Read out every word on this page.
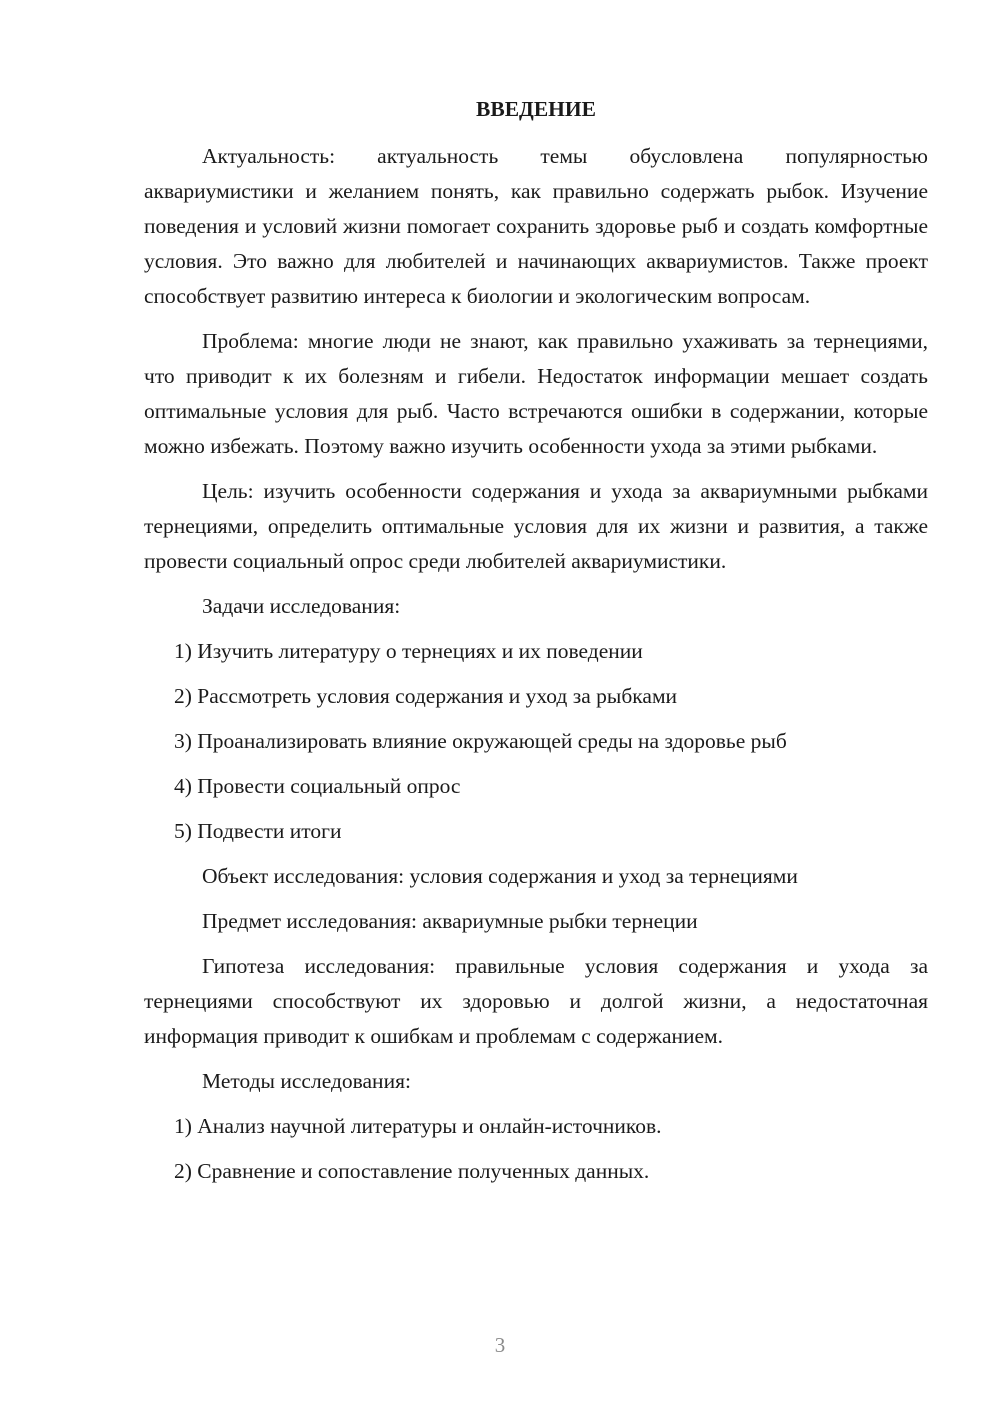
ВВЕДЕНИЕ

Актуальность: актуальность темы обусловлена популярностью аквариумистики и желанием понять, как правильно содержать рыбок. Изучение поведения и условий жизни помогает сохранить здоровье рыб и создать комфортные условия. Это важно для любителей и начинающих аквариумистов. Также проект способствует развитию интереса к биологии и экологическим вопросам.

Проблема: многие люди не знают, как правильно ухаживать за тернециями, что приводит к их болезням и гибели. Недостаток информации мешает создать оптимальные условия для рыб. Часто встречаются ошибки в содержании, которые можно избежать. Поэтому важно изучить особенности ухода за этими рыбками.

Цель: изучить особенности содержания и ухода за аквариумными рыбками тернециями, определить оптимальные условия для их жизни и развития, а также провести социальный опрос среди любителей аквариумистики.

Задачи исследования:

1) Изучить литературу о тернециях и их поведении

2) Рассмотреть условия содержания и уход за рыбками

3) Проанализировать влияние окружающей среды на здоровье рыб

4) Провести социальный опрос

5) Подвести итоги

Объект исследования: условия содержания и уход за тернециями

Предмет исследования: аквариумные рыбки тернеции

Гипотеза исследования: правильные условия содержания и ухода за тернециями способствуют их здоровью и долгой жизни, а недостаточная информация приводит к ошибкам и проблемам с содержанием.

Методы исследования:

1) Анализ научной литературы и онлайн-источников.

2) Сравнение и сопоставление полученных данных.

3
